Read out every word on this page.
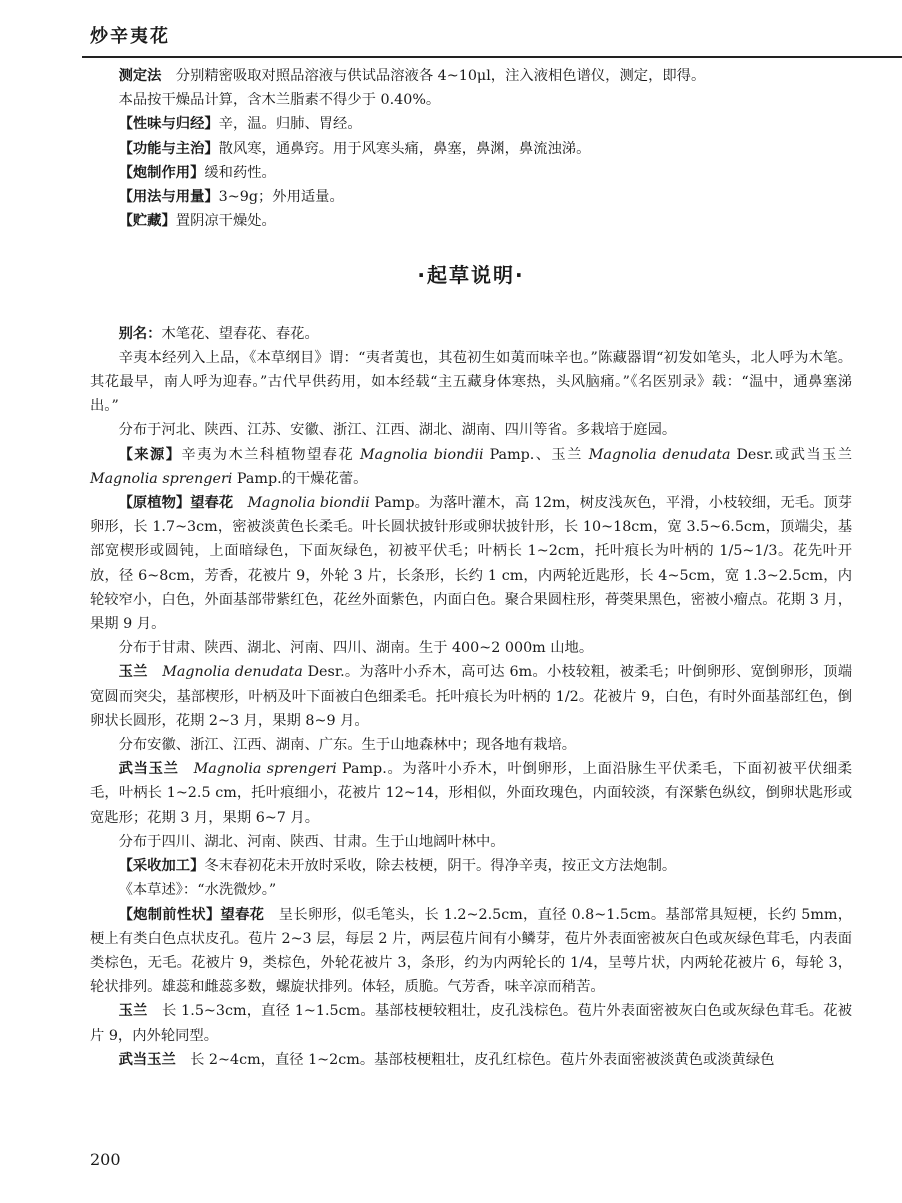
炒辛夷花

测定法　 分别精密吸取对照品溶液与供试品溶液各 4~10μl，注入液相色谱仪，测定，即得。

本品按干燥品计算，含木兰脂素不得少于 0.40%。

【性味与归经】辛，温。归肺、胃经。

【功能与主治】散风寒，通鼻窍。用于风寒头痛，鼻塞，鼻渊，鼻流浊涕。

【炮制作用】缓和药性。

【用法与用量】3~9g；外用适量。

【贮藏】置阴凉干燥处。

·起草说明·

别名：木笔花、望春花、春花。

辛夷本经列入上品，《本草纲目》谓：“夷者荑也，其苞初生如荑而味辛也。”陈藏器谓“初发如笔头，北人呼为木笔。其花最早，南人呼为迎春。”古代早供药用，如本经载“主五藏身体寒热，头风脑痛。”《名医别录》载：“温中，通鼻塞涕出。”

分布于河北、陕西、江苏、安徽、浙江、江西、湖北、湖南、四川等省。多栽培于庭园。

【来源】辛夷为木兰科植物望春花 Magnolia biondii Pamp.、玉兰 Magnolia denudata Desr.或武当玉兰 Magnolia sprengeri Pamp.的干燥花蕾。

【原植物】望春花　 Magnolia biondii Pamp。为落叶灌木，高 12m，树皮浅灰色，平滑，小枝较细，无毛。顶芽卵形，长 1.7~3cm，密被淡黄色长柔毛。叶长圆状披针形或卵状披针形，长 10~18cm，宽 3.5~6.5cm，顶端尖，基部宽楔形或圆钝，上面暗绿色，下面灰绿色，初被平伏毛；叶柄长 1~2cm，托叶痕长为叶柄的 1/5~1/3。花先叶开放，径 6~8cm，芳香，花被片 9，外轮 3 片，长条形，长约 1 cm，内两轮近匙形，长 4~5cm，宽 1.3~2.5cm，内轮较窄小，白色，外面基部带紫红色，花丝外面紫色，内面白色。聚合果圆柱形，蓇葖果黑色，密被小瘤点。花期 3 月，果期 9 月。

分布于甘肃、陕西、湖北、河南、四川、湖南。生于 400~2 000m 山地。

玉兰　 Magnolia denudata Desr.。为落叶小乔木，高可达 6m。小枝较粗，被柔毛；叶倒卵形、宽倒卵形，顶端宽圆而突尖，基部楔形，叶柄及叶下面被白色细柔毛。托叶痕长为叶柄的 1/2。花被片 9，白色，有时外面基部红色，倒卵状长圆形，花期 2~3 月，果期 8~9 月。

分布安徽、浙江、江西、湖南、广东。生于山地森林中；现各地有栽培。

武当玉兰　 Magnolia sprengeri Pamp.。为落叶小乔木，叶倒卵形，上面沿脉生平伏柔毛，下面初被平伏细柔毛，叶柄长 1~2.5 cm，托叶痕细小，花被片 12~14，形相似，外面玫瑰色，内面较淡，有深紫色纵纹，倒卵状匙形或宽匙形；花期 3 月，果期 6~7 月。

分布于四川、湖北、河南、陕西、甘肃。生于山地阔叶林中。

【采收加工】冬末春初花未开放时采收，除去枝梗，阴干。得净辛夷，按正文方法炮制。

《本草述》：“水洗微炒。”

【炮制前性状】望春花　呈长卵形，似毛笔头，长 1.2~2.5cm，直径 0.8~1.5cm。基部常具短梗，长约 5mm，梗上有类白色点状皮孔。苞片 2~3 层，每层 2 片，两层苞片间有小鳞芽，苞片外表面密被灰白色或灰绿色茸毛，内表面类棕色，无毛。花被片 9，类棕色，外轮花被片 3，条形，约为内两轮长的 1/4，呈萼片状，内两轮花被片 6，每轮 3，轮状排列。雄蕊和雌蕊多数，螺旋状排列。体轻，质脆。气芳香，味辛凉而稍苦。

玉兰　长 1.5~3cm，直径 1~1.5cm。基部枝梗较粗壮，皮孔浅棕色。苞片外表面密被灰白色或灰绿色茸毛。花被片 9，内外轮同型。

武当玉兰　长 2~4cm，直径 1~2cm。基部枝梗粗壮，皮孔红棕色。苞片外表面密被淡黄色或淡黄绿色

200
